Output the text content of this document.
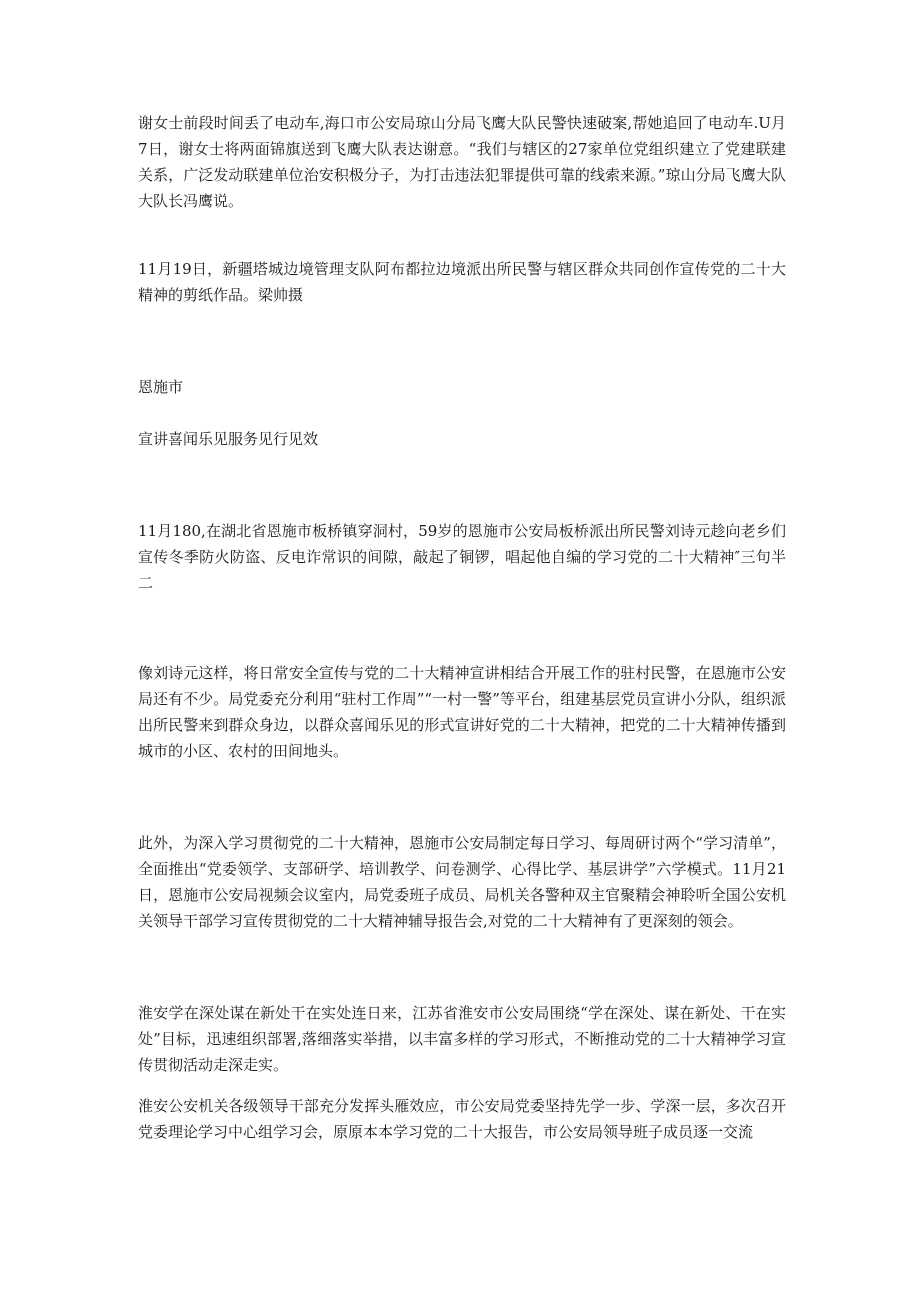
谢女士前段时间丢了电动车,海口市公安局琼山分局飞鹰大队民警快速破案,帮她追回了电动车.U月7日，谢女士将两面锦旗送到飞鹰大队表达谢意。“我们与辖区的27家单位党组织建立了党建联建关系，广泛发动联建单位治安积极分子，为打击违法犯罪提供可靠的线索来源。”琼山分局飞鹰大队大队长冯鹰说。

11月19日，新疆塔城边境管理支队阿布都拉边境派出所民警与辖区群众共同创作宣传党的二十大精神的剪纸作品。梁帅摄

恩施市

宣讲喜闻乐见服务见行见效

11月180,在湖北省恩施市板桥镇穿洞村，59岁的恩施市公安局板桥派出所民警刘诗元趁向老乡们宣传冬季防火防盗、反电诈常识的间隙，敲起了铜锣，唱起他自编的学习党的二十大精神″三句半二

像刘诗元这样，将日常安全宣传与党的二十大精神宣讲相结合开展工作的驻村民警，在恩施市公安局还有不少。局党委充分利用“驻村工作周”“一村一警”等平台，组建基层党员宣讲小分队，组织派出所民警来到群众身边，以群众喜闻乐见的形式宣讲好党的二十大精神，把党的二十大精神传播到城市的小区、农村的田间地头。

此外，为深入学习贯彻党的二十大精神，恩施市公安局制定每日学习、每周研讨两个“学习清单”，全面推出“党委领学、支部研学、培训教学、问卷测学、心得比学、基层讲学”六学模式。11月21日，恩施市公安局视频会议室内，局党委班子成员、局机关各警种双主官聚精会神聆听全国公安机关领导干部学习宣传贯彻党的二十大精神辅导报告会,对党的二十大精神有了更深刻的领会。

淮安学在深处谋在新处干在实处连日来，江苏省淮安市公安局围绕“学在深处、谋在新处、干在实处”目标，迅速组织部署,落细落实举措，以丰富多样的学习形式，不断推动党的二十大精神学习宣传贯彻活动走深走实。

淮安公安机关各级领导干部充分发挥头雁效应，市公安局党委坚持先学一步、学深一层，多次召开党委理论学习中心组学习会，原原本本学习党的二十大报告，市公安局领导班子成员逐一交流
